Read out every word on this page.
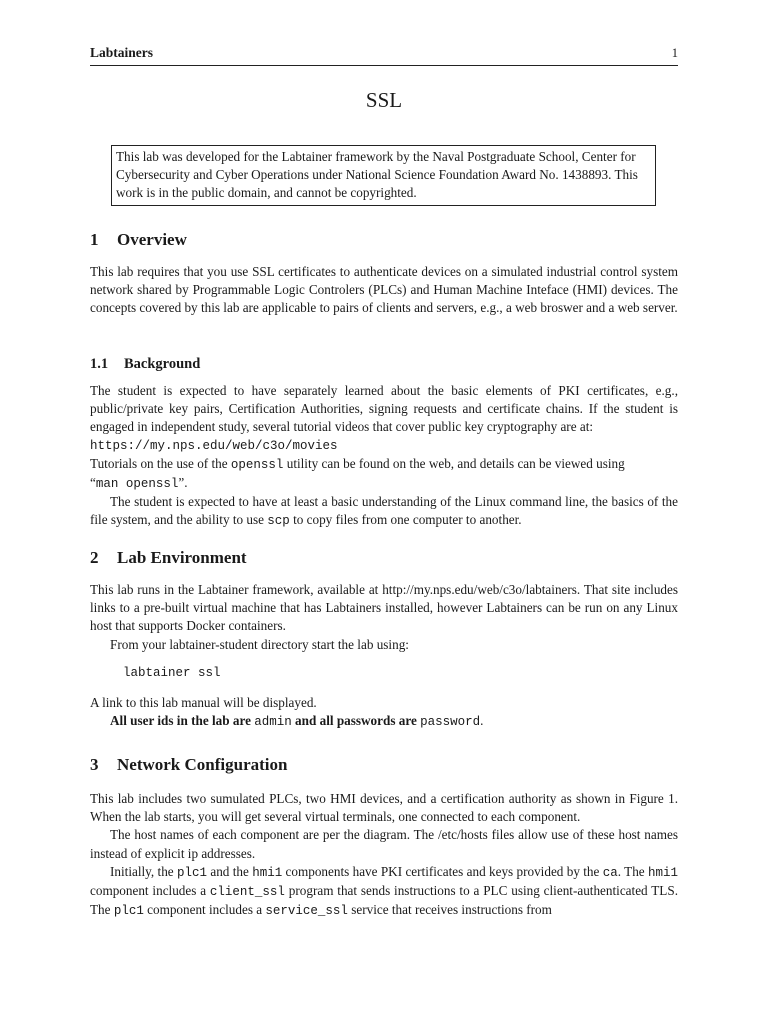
Labtainers	1
SSL
This lab was developed for the Labtainer framework by the Naval Postgraduate School, Center for Cybersecurity and Cyber Operations under National Science Foundation Award No. 1438893. This work is in the public domain, and cannot be copyrighted.
1 Overview
This lab requires that you use SSL certificates to authenticate devices on a simulated industrial control system network shared by Programmable Logic Controlers (PLCs) and Human Machine Inteface (HMI) devices. The concepts covered by this lab are applicable to pairs of clients and servers, e.g., a web broswer and a web server.
1.1 Background
The student is expected to have separately learned about the basic elements of PKI certificates, e.g., public/private key pairs, Certification Authorities, signing requests and certificate chains. If the student is engaged in independent study, several tutorial videos that cover public key cryptography are at:
https://my.nps.edu/web/c3o/movies
Tutorials on the use of the openssl utility can be found on the web, and details can be viewed using
“man openssl”.
The student is expected to have at least a basic understanding of the Linux command line, the basics of the file system, and the ability to use scp to copy files from one computer to another.
2 Lab Environment
This lab runs in the Labtainer framework, available at http://my.nps.edu/web/c3o/labtainers. That site includes links to a pre-built virtual machine that has Labtainers installed, however Labtainers can be run on any Linux host that supports Docker containers.
From your labtainer-student directory start the lab using:
labtainer ssl
A link to this lab manual will be displayed.
All user ids in the lab are admin and all passwords are password.
3 Network Configuration
This lab includes two sumulated PLCs, two HMI devices, and a certification authority as shown in Figure 1. When the lab starts, you will get several virtual terminals, one connected to each component.
The host names of each component are per the diagram. The /etc/hosts files allow use of these host names instead of explicit ip addresses.
Initially, the plc1 and the hmi1 components have PKI certificates and keys provided by the ca. The hmi1 component includes a client_ssl program that sends instructions to a PLC using client-authenticated TLS. The plc1 component includes a service_ssl service that receives instructions from
